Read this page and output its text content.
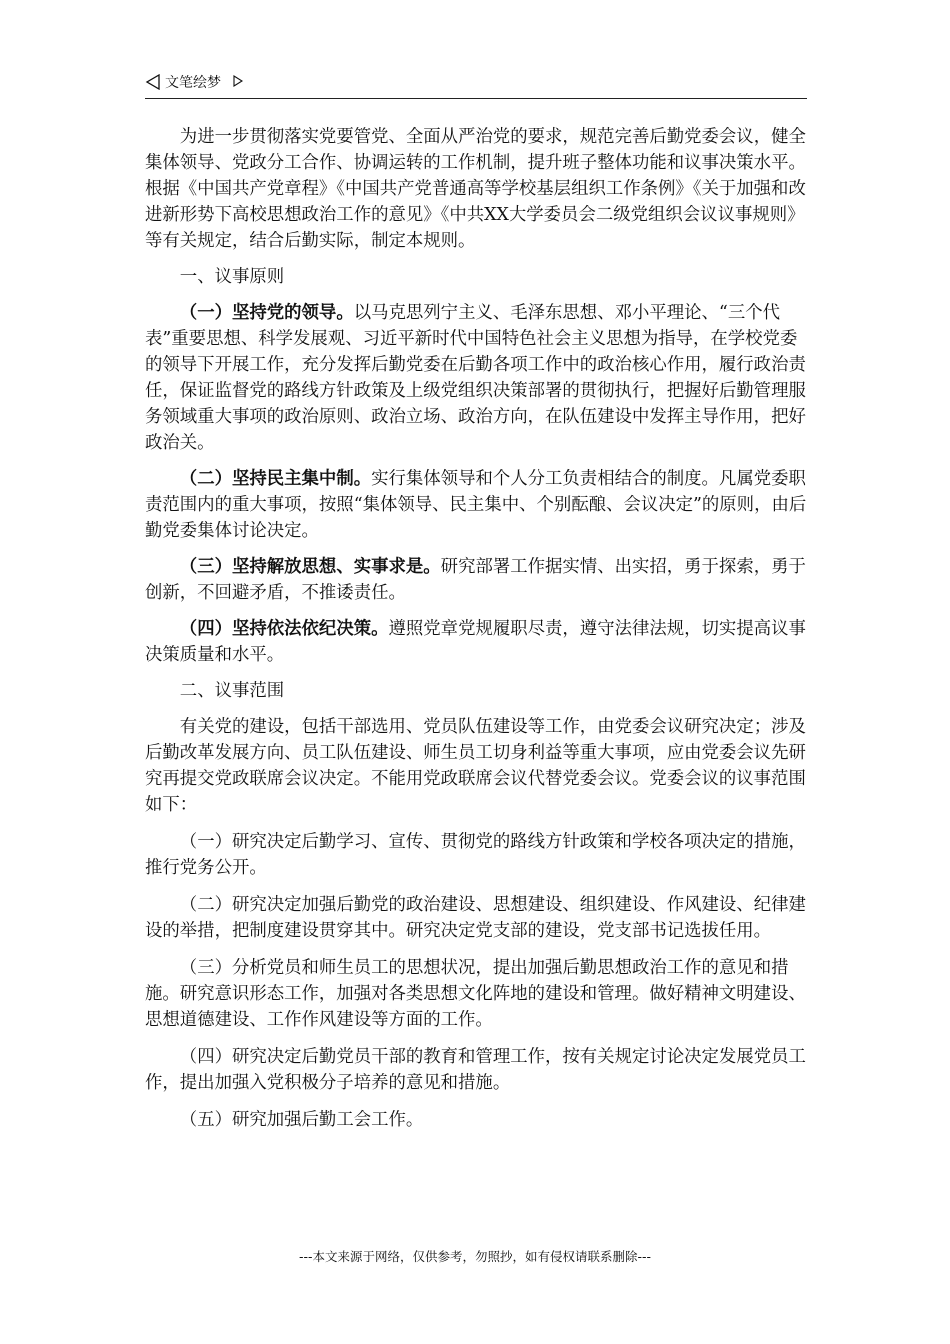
文笔绘梦

为进一步贯彻落实党要管党、全面从严治党的要求，规范完善后勤党委会议，健全集体领导、党政分工合作、协调运转的工作机制，提升班子整体功能和议事决策水平。根据《中国共产党章程》《中国共产党普通高等学校基层组织工作条例》《关于加强和改进新形势下高校思想政治工作的意见》《中共XX大学委员会二级党组织会议议事规则》等有关规定，结合后勤实际，制定本规则。

一、议事原则

（一）坚持党的领导。以马克思列宁主义、毛泽东思想、邓小平理论、“三个代表”重要思想、科学发展观、习近平新时代中国特色社会主义思想为指导，在学校党委的领导下开展工作，充分发挥后勤党委在后勤各项工作中的政治核心作用，履行政治责任，保证监督党的路线方针政策及上级党组织决策部署的贯彻执行，把握好后勤管理服务领域重大事项的政治原则、政治立场、政治方向，在队伍建设中发挥主导作用，把好政治关。

（二）坚持民主集中制。实行集体领导和个人分工负责相结合的制度。凡属党委职责范围内的重大事项，按照“集体领导、民主集中、个别酝酿、会议决定”的原则，由后勤党委集体讨论决定。

（三）坚持解放思想、实事求是。研究部署工作据实情、出实招，勇于探索，勇于创新，不回避矛盾，不推诿责任。

（四）坚持依法依纪决策。遵照党章党规履职尽责，遵守法律法规，切实提高议事决策质量和水平。

二、议事范围

有关党的建设，包括干部选用、党员队伍建设等工作，由党委会议研究决定；涉及后勤改革发展方向、员工队伍建设、师生员工切身利益等重大事项，应由党委会议先研究再提交党政联席会议决定。不能用党政联席会议代替党委会议。党委会议的议事范围如下：

（一）研究决定后勤学习、宣传、贯彻党的路线方针政策和学校各项决定的措施，推行党务公开。

（二）研究决定加强后勤党的政治建设、思想建设、组织建设、作风建设、纪律建设的举措，把制度建设贯穿其中。研究决定党支部的建设，党支部书记选拔任用。

（三）分析党员和师生员工的思想状况，提出加强后勤思想政治工作的意见和措施。研究意识形态工作，加强对各类思想文化阵地的建设和管理。做好精神文明建设、思想道德建设、工作作风建设等方面的工作。

（四）研究决定后勤党员干部的教育和管理工作，按有关规定讨论决定发展党员工作，提出加强入党积极分子培养的意见和措施。

（五）研究加强后勤工会工作。

---本文来源于网络，仅供参考，勿照抄，如有侵权请联系删除---
